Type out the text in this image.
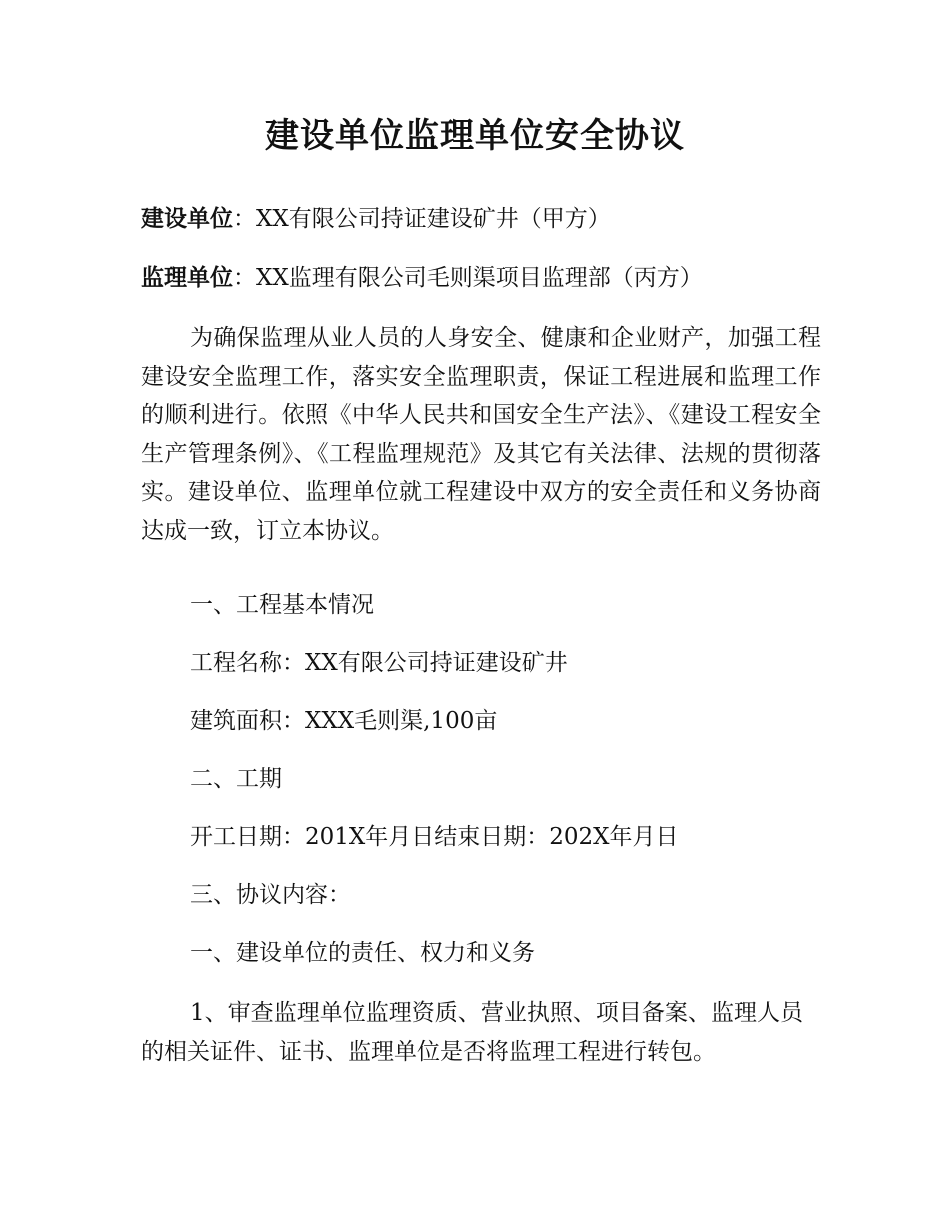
建设单位监理单位安全协议
建设单位：XX有限公司持证建设矿井（甲方）
监理单位：XX监理有限公司毛则渠项目监理部（丙方）

为确保监理从业人员的人身安全、健康和企业财产，加强工程建设安全监理工作，落实安全监理职责，保证工程进展和监理工作的顺利进行。依照《中华人民共和国安全生产法》、《建设工程安全生产管理条例》、《工程监理规范》及其它有关法律、法规的贯彻落实。建设单位、监理单位就工程建设中双方的安全责任和义务协商达成一致，订立本协议。

一、工程基本情况

工程名称：XX有限公司持证建设矿井

建筑面积：XXX毛则渠,100亩

二、工期

开工日期：201X年月日结束日期：202X年月日

三、协议内容：

一、建设单位的责任、权力和义务

1、审查监理单位监理资质、营业执照、项目备案、监理人员的相关证件、证书、监理单位是否将监理工程进行转包。
